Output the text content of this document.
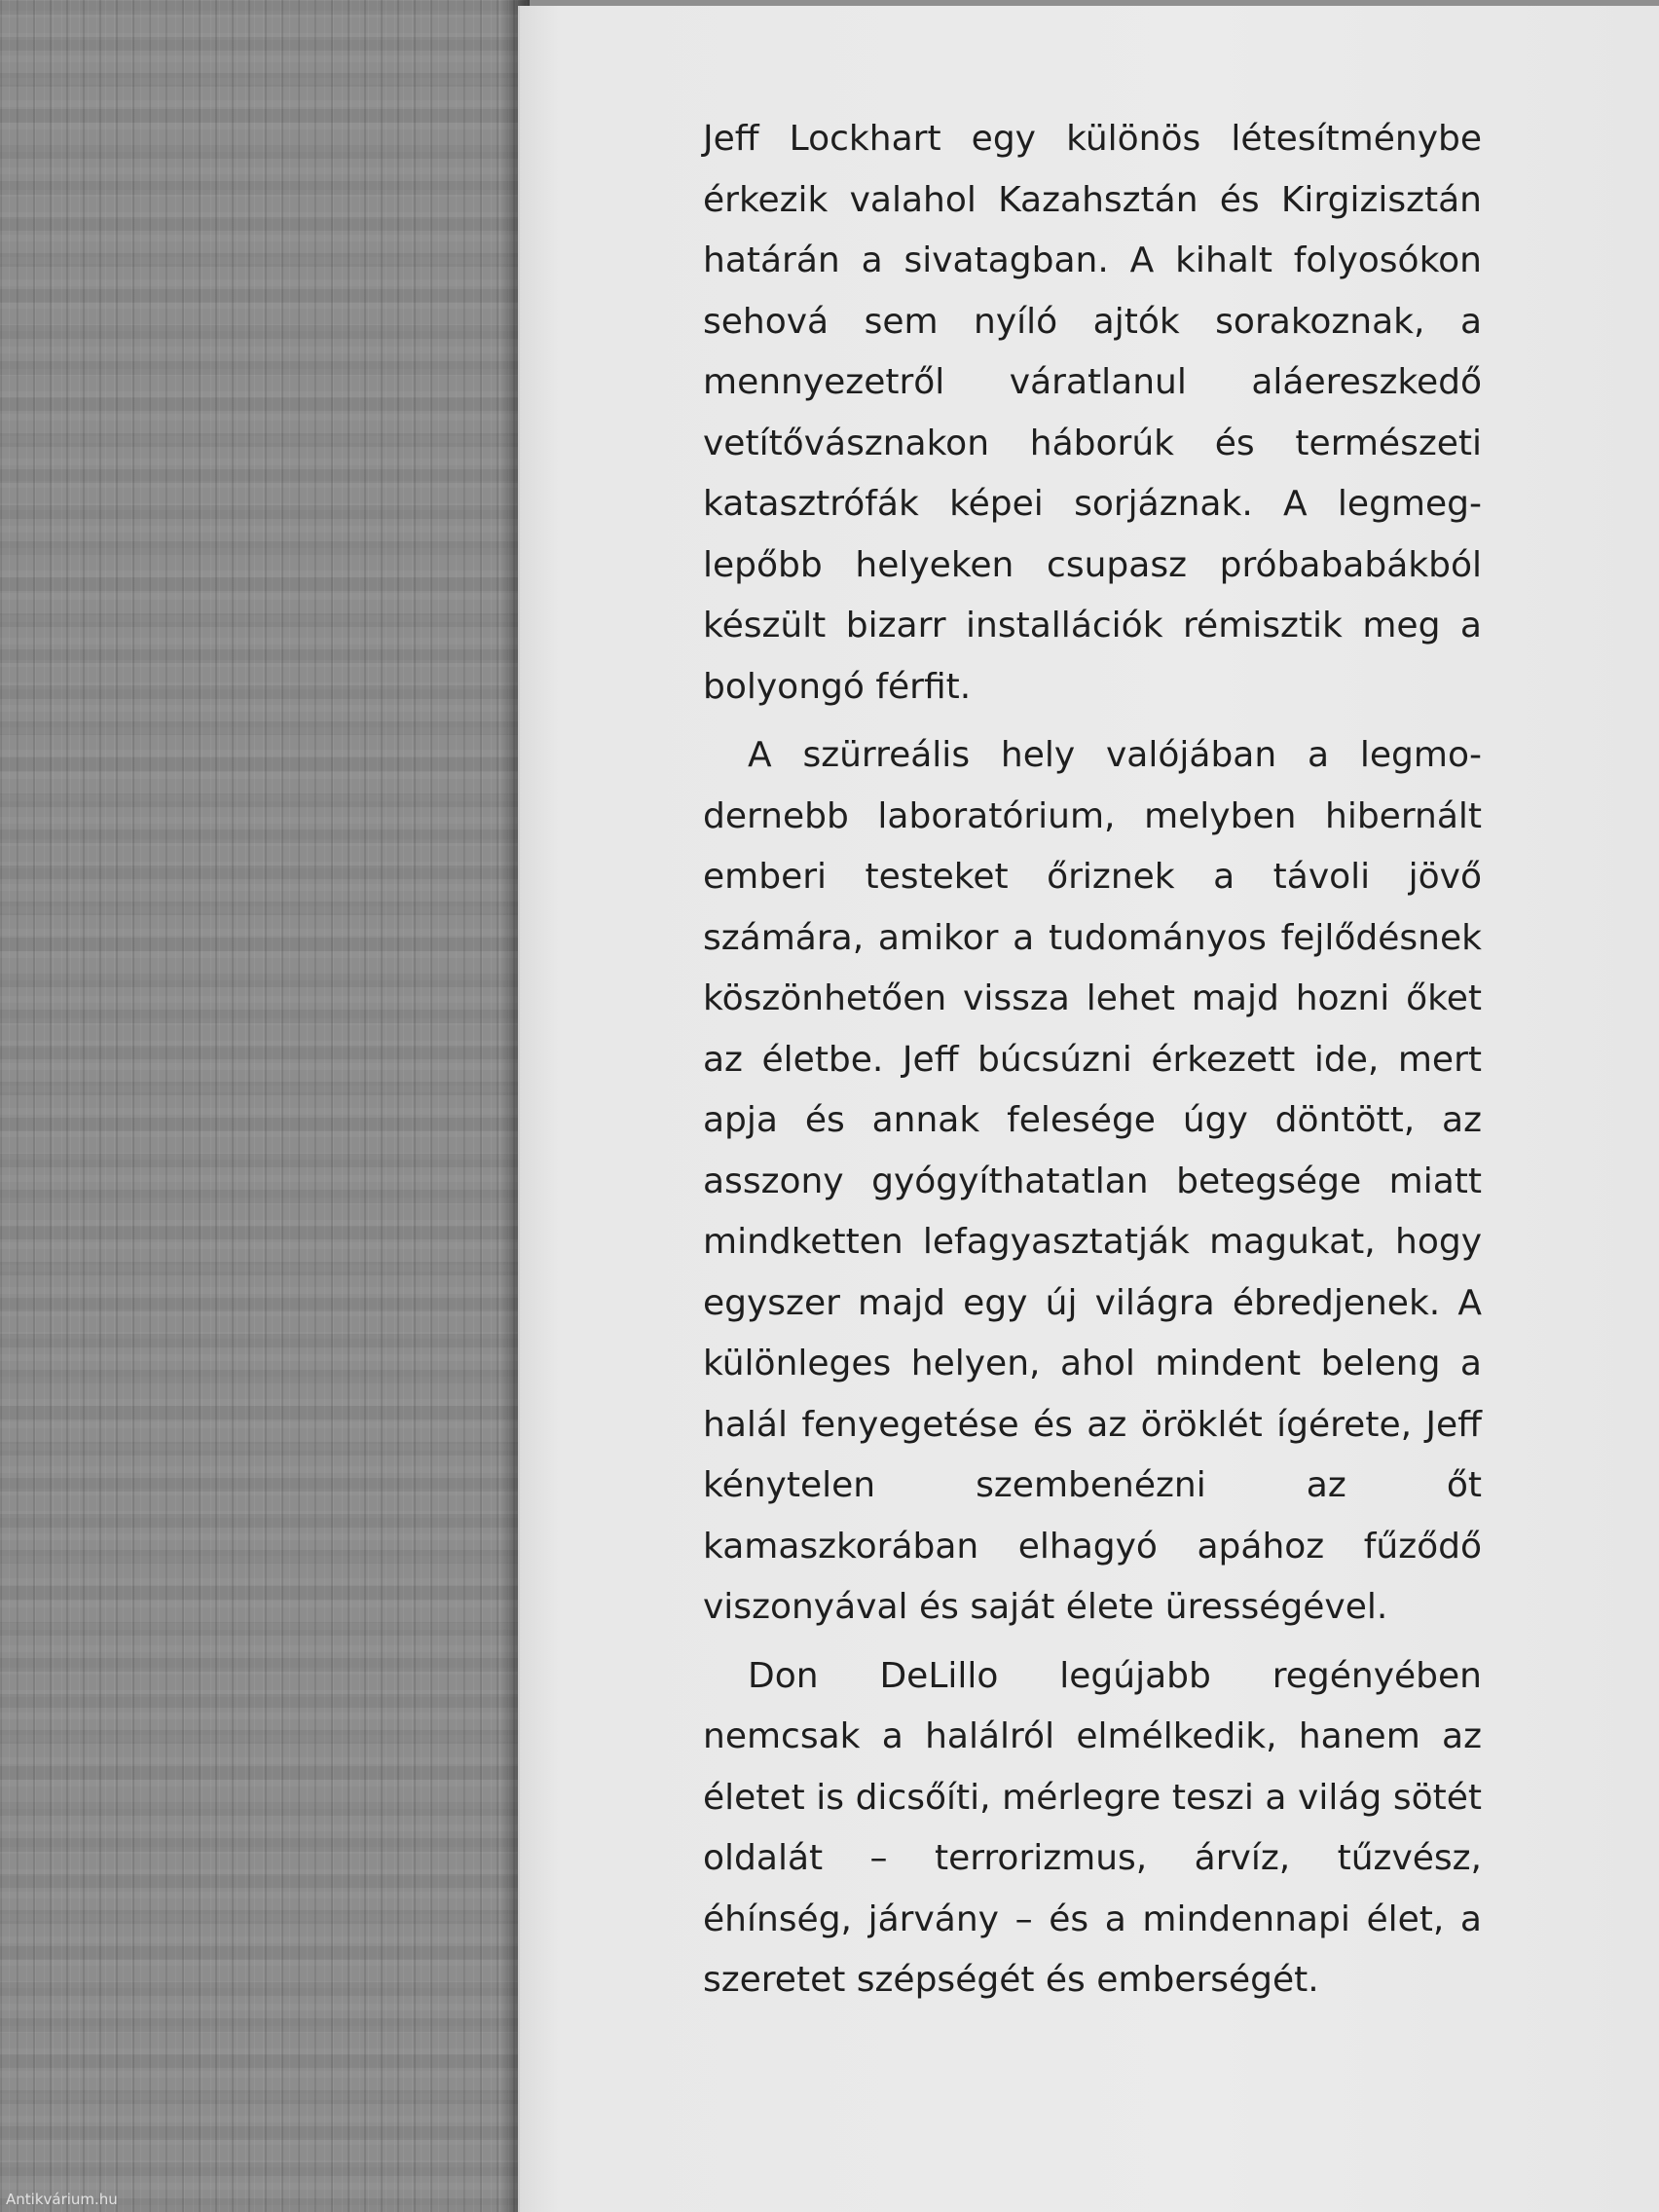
Jeff Lockhart egy különös létesítménybe érkezik valahol Kazahsztán és Kirgizisztán határán a sivatagban. A kihalt folyosókon sehová sem nyíló ajtók sorakoznak, a mennyezetről váratlanul aláereszkedő vetítővásznakon háborúk és természeti katasztrófák képei sorjáznak. A legmeglepőbb helyeken csupasz próbababákból készült bizarr installációk rémisztik meg a bolyongó férfit.

A szürreális hely valójában a legmodernebb laboratórium, melyben hibernált emberi testeket őriznek a távoli jövő számára, amikor a tudományos fejlődésnek köszönhetően vissza lehet majd hozni őket az életbe. Jeff búcsúzni érkezett ide, mert apja és annak felesége úgy döntött, az asszony gyógyíthatatlan betegsége miatt mindketten lefagyasztatják magukat, hogy egyszer majd egy új világra ébredjenek. A különleges helyen, ahol mindent beleng a halál fenyegetése és az öröklét ígérete, Jeff kénytelen szembenézni az őt kamaszkorában elhagyó apához fűződő viszonyával és saját élete ürességével.

Don DeLillo legújabb regényében nemcsak a halálról elmélkedik, hanem az életet is dicsőíti, mérlegre teszi a világ sötét oldalát – terrorizmus, árvíz, tűzvész, éhínség, járvány – és a mindennapi élet, a szeretet szépségét és emberségét.

Antikvárium.hu
